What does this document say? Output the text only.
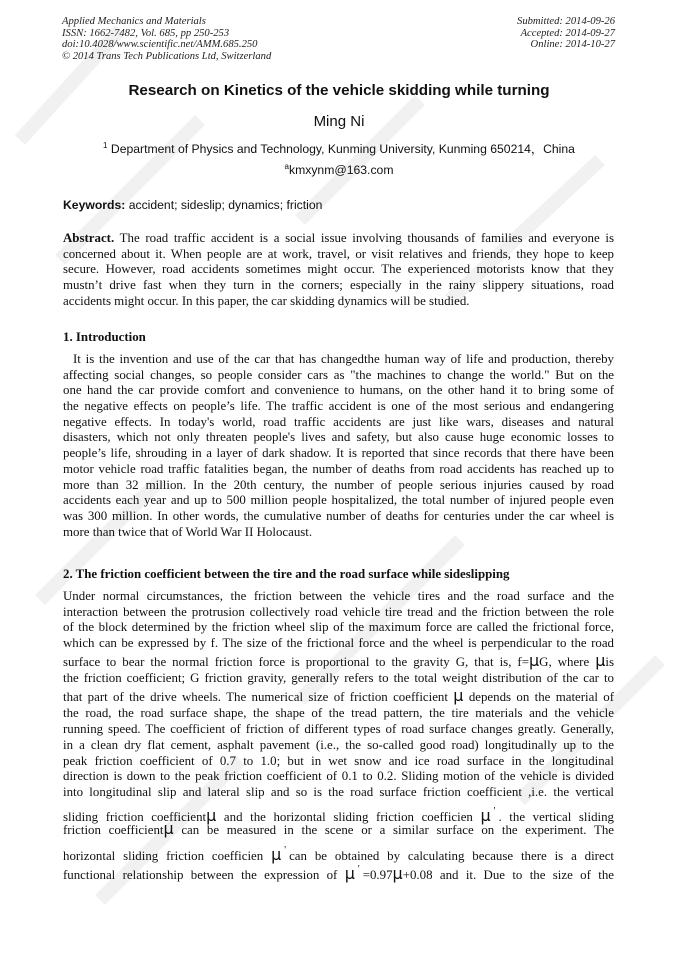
Applied Mechanics and Materials
ISSN: 1662-7482, Vol. 685, pp 250-253
doi:10.4028/www.scientific.net/AMM.685.250
© 2014 Trans Tech Publications Ltd, Switzerland
Submitted: 2014-09-26
Accepted: 2014-09-27
Online: 2014-10-27
Research on Kinetics of the vehicle skidding while turning
Ming Ni
$^1$ Department of Physics and Technology, Kunming University, Kunming 650214，China
$^a$kmxynm@163.com
Keywords: accident; sideslip; dynamics; friction
Abstract. The road traffic accident is a social issue involving thousands of families and everyone is
concerned about it. When people are at work, travel, or visit relatives and friends, they hope to keep
secure. However, road accidents sometimes might occur. The experienced motorists know that they
mustn’t drive fast when they turn in the corners; especially in the rainy slippery situations, road
accidents might occur. In this paper, the car skidding dynamics will be studied.
1. Introduction
It is the invention and use of the car that has changedthe human way of life and production, thereby
affecting social changes, so people consider cars as "the machines to change the world." But on the
one hand the car provide comfort and convenience to humans, on the other hand it to bring some of
the negative effects on people’s life. The traffic accident is one of the most serious and endangering
negative effects. In today's world, road traffic accidents are just like wars, diseases and natural
disasters, which not only threaten people's lives and safety, but also cause huge economic losses to
people’s life, shrouding in a layer of dark shadow. It is reported that since records that there have been
motor vehicle road traffic fatalities began, the number of deaths from road accidents has reached up to
more than 32 million. In the 20th century, the number of people serious injuries caused by road
accidents each year and up to 500 million people hospitalized, the total number of injured people even
was 300 million. In other words, the cumulative number of deaths for centuries under the car wheel is
more than twice that of World War II Holocaust.
2. The friction coefficient between the tire and the road surface while sideslipping
Under normal circumstances, the friction between the vehicle tires and the road surface and the
interaction between the protrusion collectively road vehicle tire tread and the friction between the role
of the block determined by the friction wheel slip of the maximum force are called the frictional force,
which can be expressed by f. The size of the frictional force and the wheel is perpendicular to the road
surface to bear the normal friction force is proportional to the gravity G, that is, f=μG, where μis
the friction coefficient; G friction gravity, generally refers to the total weight distribution of the car to
that part of the drive wheels. The numerical size of friction coefficient μ depends on the material of
the road, the road surface shape, the shape of the tread pattern, the tire materials and the vehicle
running speed. The coefficient of friction of different types of road surface changes greatly. Generally,
in a clean dry flat cement, asphalt pavement (i.e., the so-called good road) longitudinally up to the
peak friction coefficient of 0.7 to 1.0; but in wet snow and ice road surface in the longitudinal
direction is down to the peak friction coefficient of 0.1 to 0.2. Sliding motion of the vehicle is divided
into longitudinal slip and lateral slip and so is the road surface friction coefficient ,i.e. the vertical
sliding friction coefficientμ and the horizontal sliding friction coefficien μ ' . the vertical sliding
friction coefficientμ can be measured in the scene or a similar surface on the experiment. The
horizontal sliding friction coefficien μ ' can be obtained by calculating because there is a direct
functional relationship between the expression of μ ' =0.97μ+0.08 and it. Due to the size of the
